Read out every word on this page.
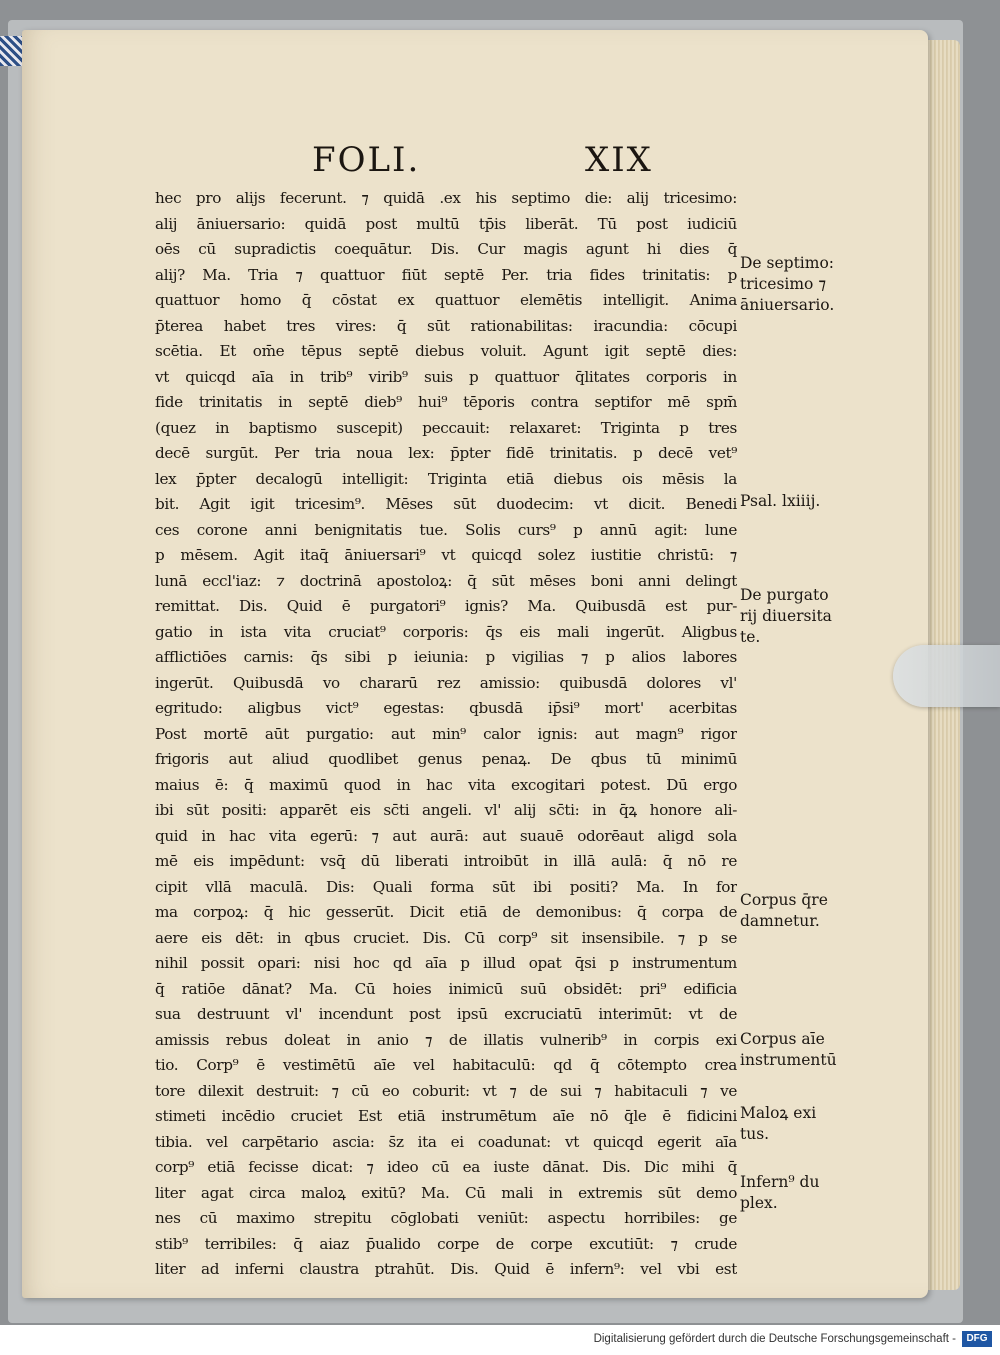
FOLI.	XIX
hec pro alijs fecerunt. ⁊ quidā .ex his septimo die: alij tricesimo:
alij āniuersario: quidā post multū tp̄is liberāt. Tū post iudiciū
oēs cū supradictis coequātur. Dis. Cur magis agunt hi dies q̄
alij? Ma. Tria ⁊ quattuor fiūt septē Per. tria fides trinitatis: p
quattuor homo q̄ cōstat ex quattuor elemētis intelligit. Anima
p̄terea habet tres vires: q̄ sūt rationabilitas: iracundia: cōcupi
scētia. Et om̄e tēpus septē diebus voluit. Agunt igit septē dies:
vt quicqd aīa in trib⁹ virib⁹ suis p quattuor q̄litates corporis in
fide trinitatis in septē dieb⁹ hui⁹ tēporis contra septifor mē spm̄
(quez in baptismo suscepit) peccauit: relaxaret: Triginta p tres
decē surgūt. Per tria noua lex: p̄pter fidē trinitatis. p decē vet⁹
lex p̄pter decalogū intelligit: Triginta etiā diebus ois mēsis la
bit. Agit igit tricesim⁹. Mēses sūt duodecim: vt dicit. Benedi
ces corone anni benignitatis tue. Solis curs⁹ p annū agit: lune
p mēsem. Agit itaq̄ āniuersari⁹ vt quicqd solez iustitie christū: ⁊
lunā eccl'iaz: ⁊ doctrinā apostoloꝝ: q̄ sūt mēses boni anni delingt
remittat. Dis. Quid ē purgatori⁹ ignis? Ma. Quibusdā est pur-
gatio in ista vita cruciat⁹ corporis: q̄s eis mali ingerūt. Aligbus
afflictiōes carnis: q̄s sibi p ieiunia: p vigilias ⁊ p alios labores
ingerūt. Quibusdā vo chararū rez amissio: quibusdā dolores vl'
egritudo: aligbus vict⁹ egestas: qbusdā ip̄si⁹ mort' acerbitas
Post mortē aūt purgatio: aut min⁹ calor ignis: aut magn⁹ rigor
frigoris aut aliud quodlibet genus penaꝝ. De qbus tū minimū
maius ē: q̄ maximū quod in hac vita excogitari potest. Dū ergo
ibi sūt positi: apparēt eis sc̄ti angeli. vl' alij sc̄ti: in q̄ꝝ honore ali-
quid in hac vita egerū: ⁊ aut aurā: aut suauē odorēaut aligd sola
mē eis impēdunt: vsq̄ dū liberati introibūt in illā aulā: q̄ nō re
cipit vllā maculā. Dis: Quali forma sūt ibi positi? Ma. In for
ma corpoꝝ: q̄ hic gesserūt. Dicit etiā de demonibus: q̄ corpa de
aere eis dēt: in qbus cruciet. Dis. Cū corp⁹ sit insensibile. ⁊ p se
nihil possit opari: nisi hoc qd aīa p illud opat q̄si p instrumentum
q̄ ratiōe dānat? Ma. Cū hoies inimicū suū obsidēt: pri⁹ edificia
sua destruunt vl' incendunt post ipsū excruciatū interimūt: vt de
amissis rebus doleat in anio ⁊ de illatis vulnerib⁹ in corpis exi
tio. Corp⁹ ē vestimētū aīe vel habitaculū: qd q̄ cōtempto crea
tore dilexit destruit: ⁊ cū eo coburit: vt ⁊ de sui ⁊ habitaculi ⁊ ve
stimeti incēdio cruciet Est etiā instrumētum aīe nō q̄le ē fidicini
tibia. vel carpētario ascia: s̄z ita ei coadunat: vt quicqd egerit aīa
corp⁹ etiā fecisse dicat: ⁊ ideo cū ea iuste dānat. Dis. Dic mihi q̄
liter agat circa maloꝝ exitū? Ma. Cū mali in extremis sūt demo
nes cū maximo strepitu cōglobati veniūt: aspectu horribiles: ge
stib⁹ terribiles: q̄ aiaz p̄ualido corpe de corpe excutiūt: ⁊ crude
liter ad inferni claustra ptrahūt. Dis. Quid ē infern⁹: vel vbi est
De septimo:
tricesimo ⁊
āniuersario.
Psal. lxiiij.
De purgato
rij diuersita
te.
Corpus q̄re
damnetur.
Corpus aīe
instrumentū
Maloꝝ exi
tus.
Infern⁹ du
plex.
Digitalisierung gefördert durch die Deutsche Forschungsgemeinschaft -	DFG
